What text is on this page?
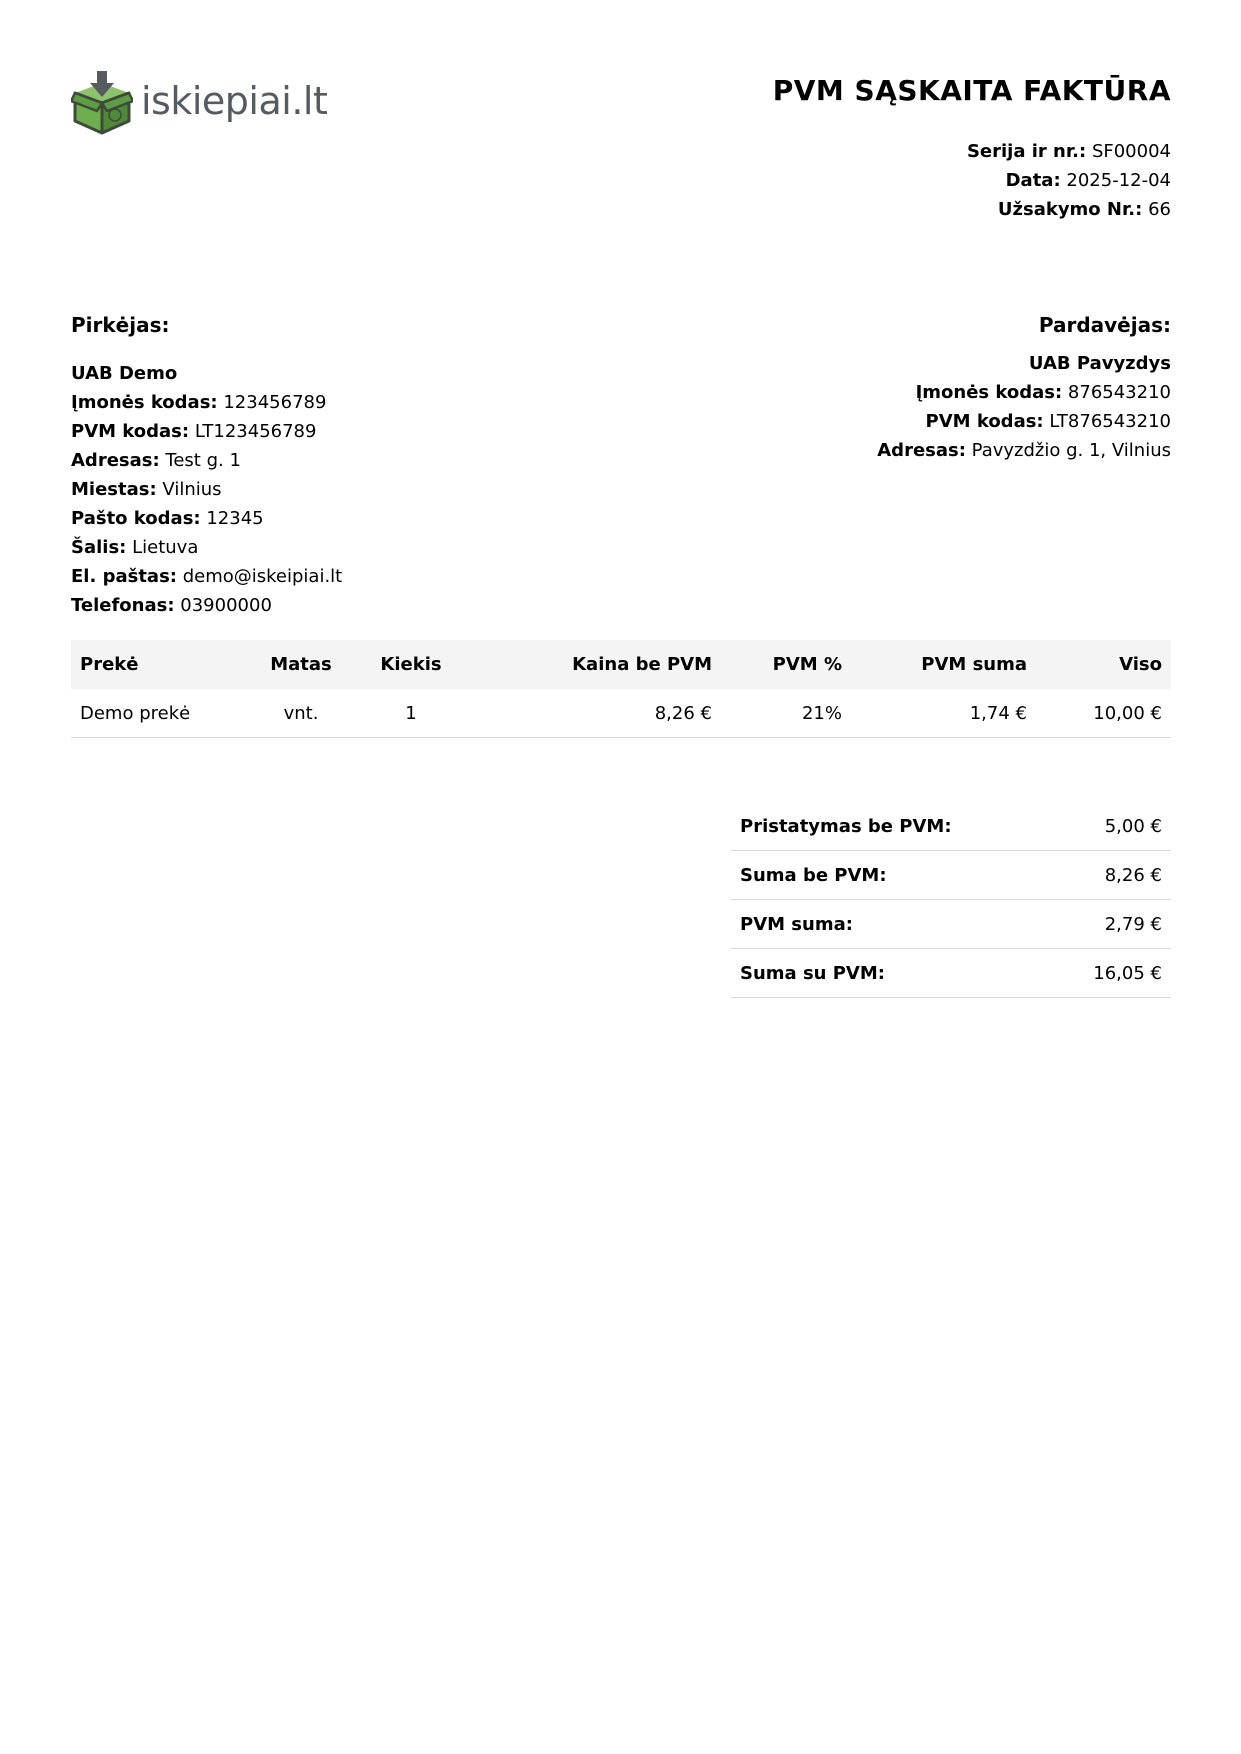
iskiepiai.lt	PVM SĄSKAITA FAKTŪRA
Serija ir nr.: SF00004
Data: 2025-12-04
Užsakymo Nr.: 66
Pirkėjas:
UAB Demo
Įmonės kodas: 123456789
PVM kodas: LT123456789
Adresas: Test g. 1
Miestas: Vilnius
Pašto kodas: 12345
Šalis: Lietuva
El. paštas: demo@iskeipiai.lt
Telefonas: 03900000
Pardavėjas:
UAB Pavyzdys
Įmonės kodas: 876543210
PVM kodas: LT876543210
Adresas: Pavyzdžio g. 1, Vilnius
Prekė	Matas	Kiekis	Kaina be PVM	PVM %	PVM suma	Viso
Demo prekė	vnt.	1	8,26 €	21%	1,74 €	10,00 €
Pristatymas be PVM:	5,00 €
Suma be PVM:	8,26 €
PVM suma:	2,79 €
Suma su PVM:	16,05 €
